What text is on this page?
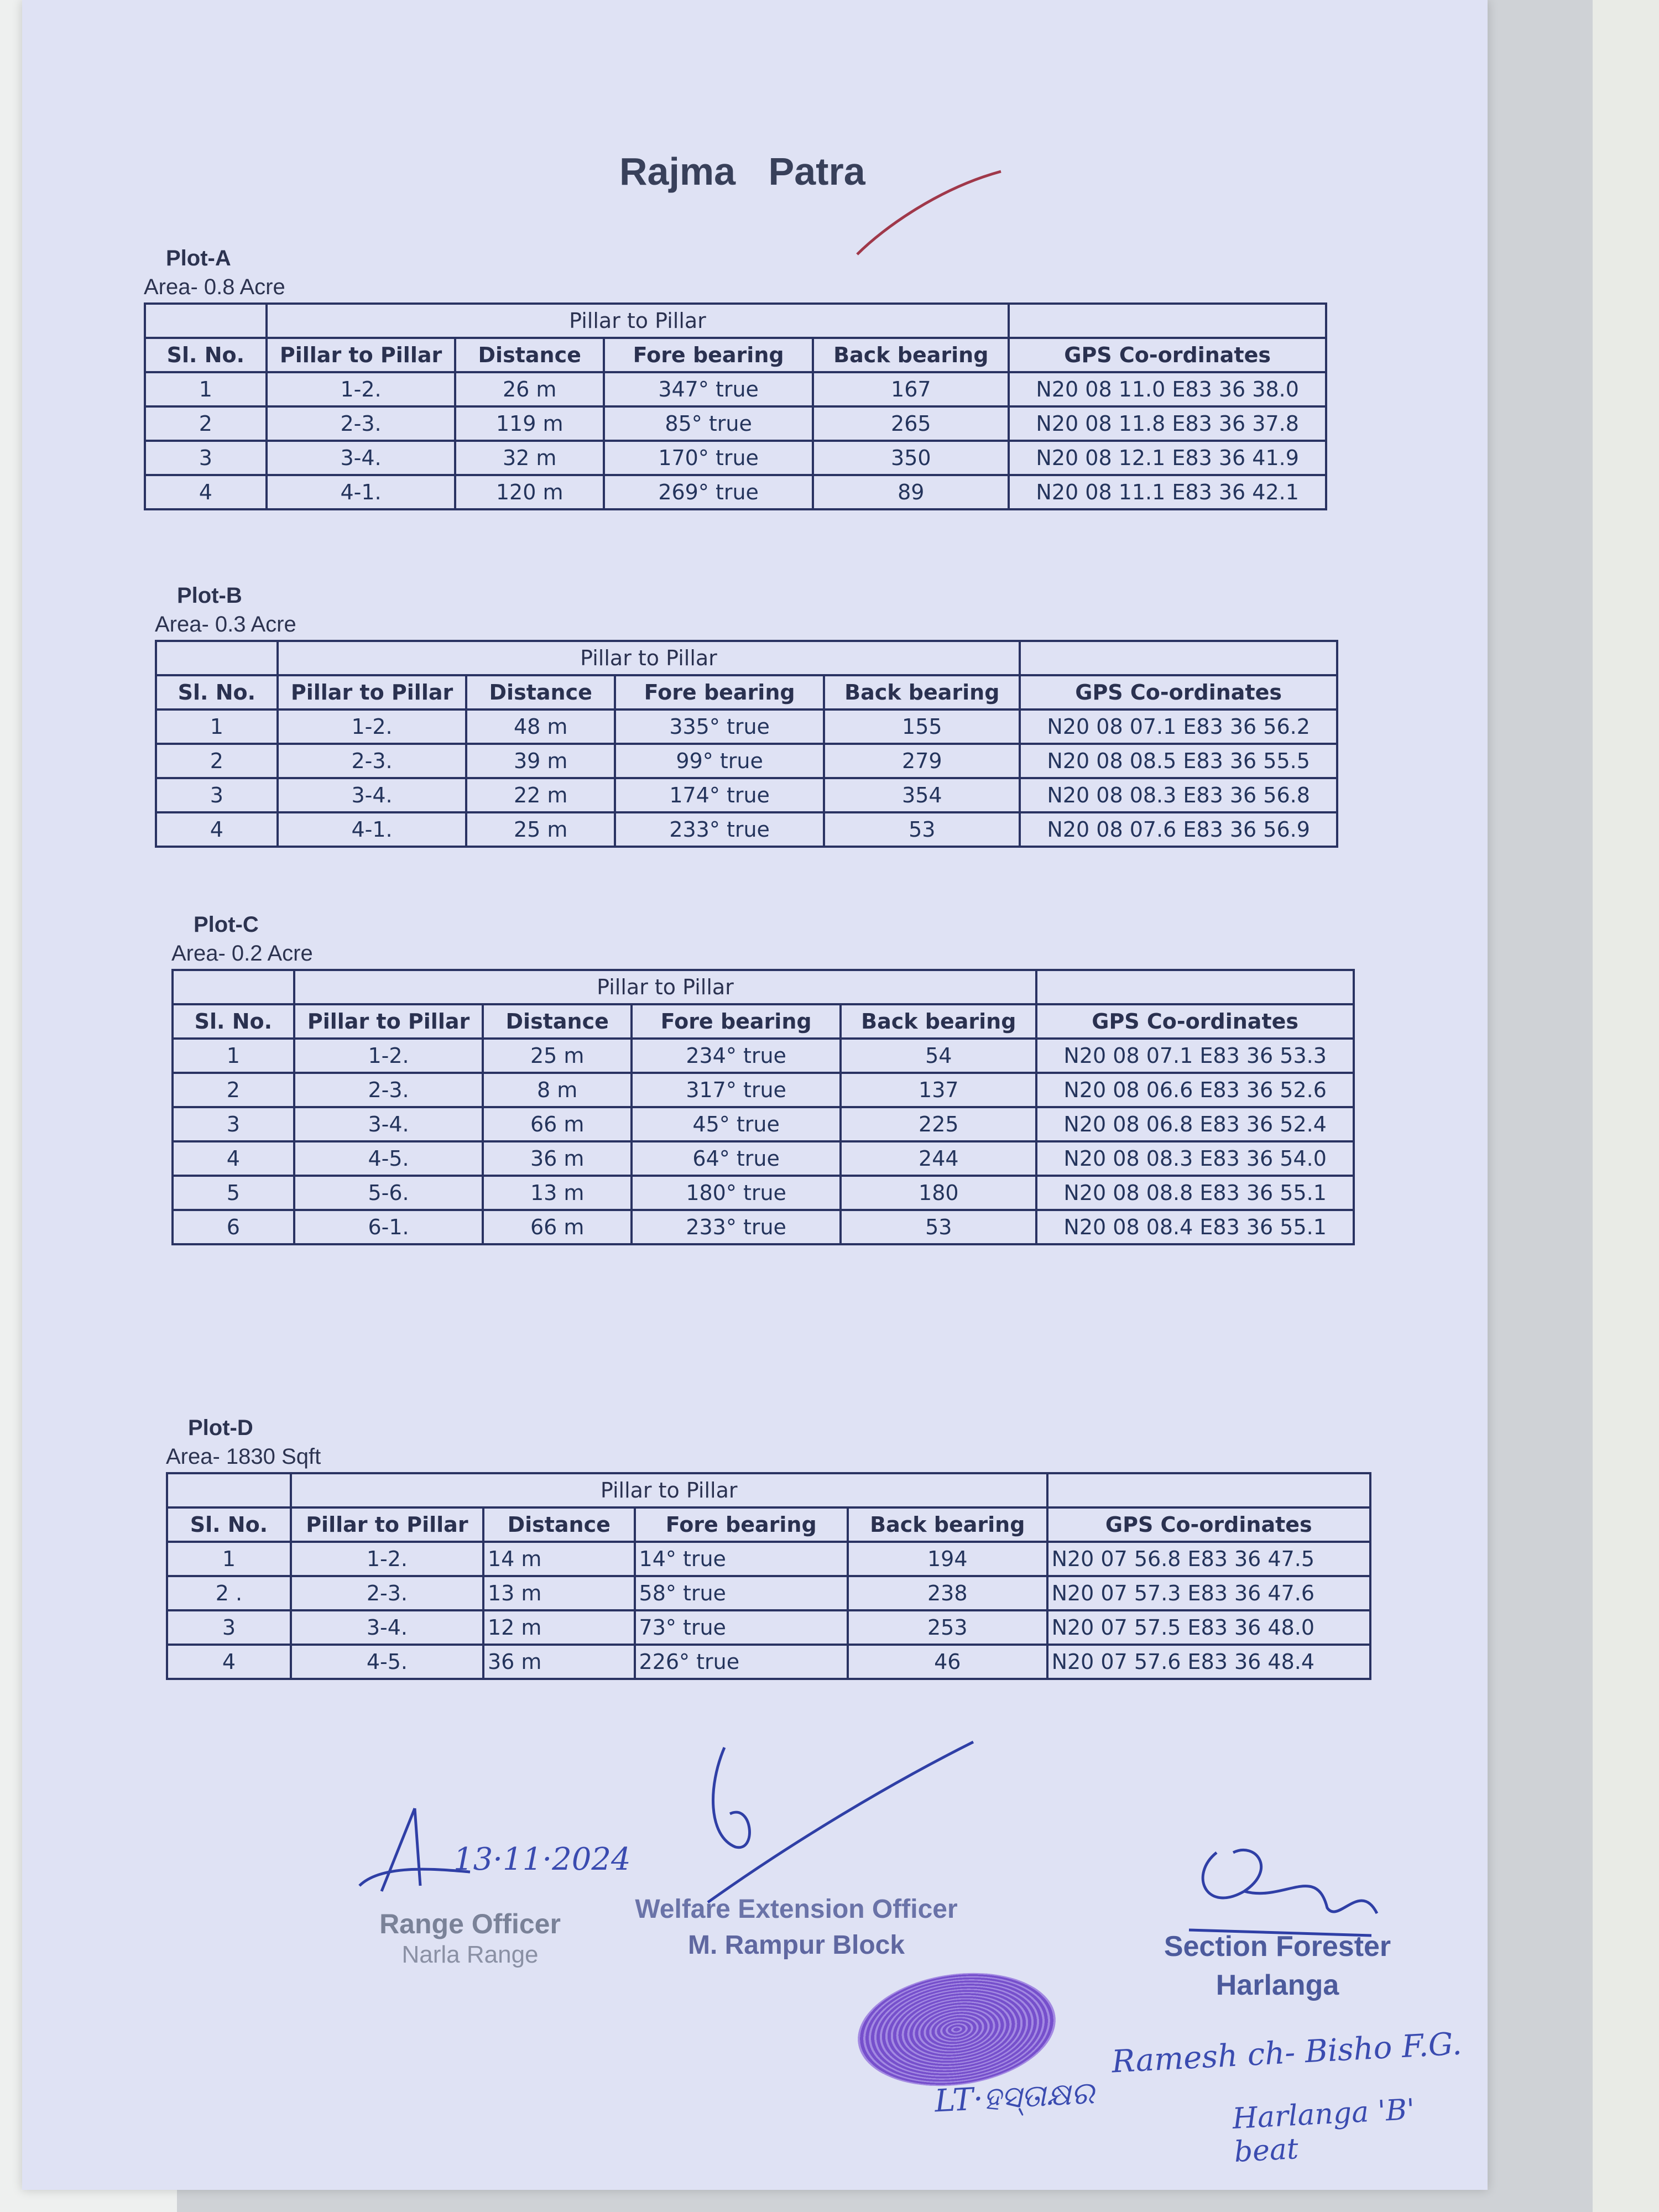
Rajma Patra
Plot-A
Area- 0.8 Acre
	Pillar to Pillar				
Sl. No.	Pillar to Pillar	Distance	Fore bearing	Back bearing	GPS Co-ordinates
1	1-2.	26 m	347° true	167	N20 08 11.0 E83 36 38.0
2	2-3.	119 m	85° true	265	N20 08 11.8 E83 36 37.8
3	3-4.	32 m	170° true	350	N20 08 12.1 E83 36 41.9
4	4-1.	120 m	269° true	89	N20 08 11.1 E83 36 42.1
Plot-B
Area- 0.3 Acre
	Pillar to Pillar				
Sl. No.	Pillar to Pillar	Distance	Fore bearing	Back bearing	GPS Co-ordinates
1	1-2.	48 m	335° true	155	N20 08 07.1 E83 36 56.2
2	2-3.	39 m	99° true	279	N20 08 08.5 E83 36 55.5
3	3-4.	22 m	174° true	354	N20 08 08.3 E83 36 56.8
4	4-1.	25 m	233° true	53	N20 08 07.6 E83 36 56.9
Plot-C
Area- 0.2 Acre
	Pillar to Pillar				
Sl. No.	Pillar to Pillar	Distance	Fore bearing	Back bearing	GPS Co-ordinates
1	1-2.	25 m	234° true	54	N20 08 07.1 E83 36 53.3
2	2-3.	8 m	317° true	137	N20 08 06.6 E83 36 52.6
3	3-4.	66 m	45° true	225	N20 08 06.8 E83 36 52.4
4	4-5.	36 m	64° true	244	N20 08 08.3 E83 36 54.0
5	5-6.	13 m	180° true	180	N20 08 08.8 E83 36 55.1
6	6-1.	66 m	233° true	53	N20 08 08.4 E83 36 55.1
Plot-D
Area- 1830 Sqft
	Pillar to Pillar				
Sl. No.	Pillar to Pillar	Distance	Fore bearing	Back bearing	GPS Co-ordinates
1	1-2.	14 m	14° true	194	N20 07 56.8 E83 36 47.5
2 .	2-3.	13 m	58° true	238	N20 07 57.3 E83 36 47.6
3	3-4.	12 m	73° true	253	N20 07 57.5 E83 36 48.0
4	4-5.	36 m	226° true	46	N20 07 57.6 E83 36 48.4
13·11·2024
Range Officer
Narla Range
Welfare Extension Officer
M. Rampur Block	Section Forester
Harlanga
Ramesh ch- Bisho F.G.
Harlanga 'B' beat
LT·ହସ୍ତାକ୍ଷର
